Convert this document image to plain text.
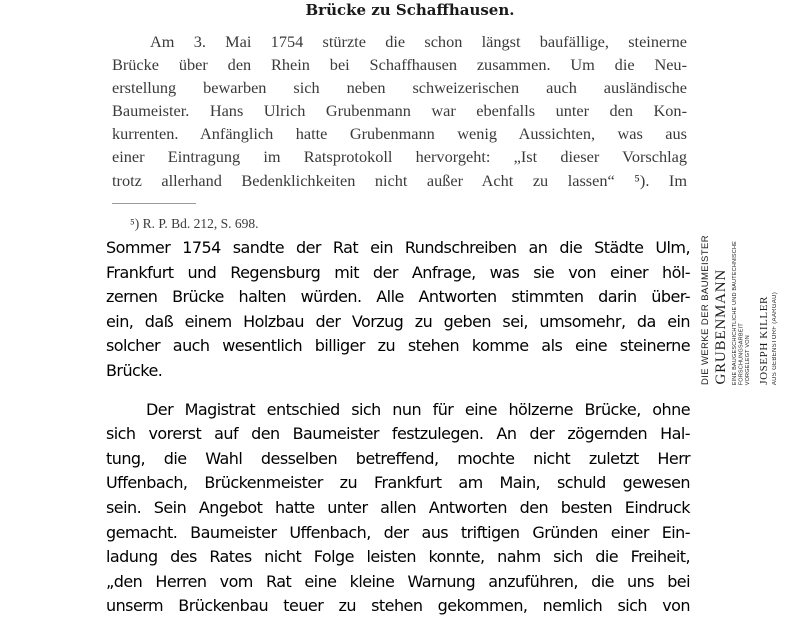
Brücke zu Schaffhausen.
Am 3. Mai 1754 stürzte die schon längst baufällige, steinerne
Brücke über den Rhein bei Schaffhausen zusammen. Um die Neu-
erstellung bewarben sich neben schweizerischen auch ausländische
Baumeister. Hans Ulrich Grubenmann war ebenfalls unter den Kon-
kurrenten. Anfänglich hatte Grubenmann wenig Aussichten, was aus
einer Eintragung im Ratsprotokoll hervorgeht: „Ist dieser Vorschlag
trotz allerhand Bedenklichkeiten nicht außer Acht zu lassen“ ⁵). Im
⁵) R. P. Bd. 212, S. 698.
Sommer 1754 sandte der Rat ein Rundschreiben an die Städte Ulm,
Frankfurt und Regensburg mit der Anfrage, was sie von einer höl-
zernen Brücke halten würden. Alle Antworten stimmten darin über-
ein, daß einem Holzbau der Vorzug zu geben sei, umsomehr, da ein
solcher auch wesentlich billiger zu stehen komme als eine steinerne
Brücke.
Der Magistrat entschied sich nun für eine hölzerne Brücke, ohne
sich vorerst auf den Baumeister festzulegen. An der zögernden Hal-
tung, die Wahl desselben betreffend, mochte nicht zuletzt Herr
Uffenbach, Brückenmeister zu Frankfurt am Main, schuld gewesen
sein. Sein Angebot hatte unter allen Antworten den besten Eindruck
gemacht. Baumeister Uffenbach, der aus triftigen Gründen einer Ein-
ladung des Rates nicht Folge leisten konnte, nahm sich die Freiheit,
„den Herren vom Rat eine kleine Warnung anzuführen, die uns bei
unserm Brückenbau teuer zu stehen gekommen, nemlich sich von
DIE WERKE DER BAUMEISTER GRUBENMANN EINE BAUGESCHICHTLICHE UND BAUTECHNISCHE FORSCHUNGSARBEIT VORGELEGT VON JOSEPH KILLER AUS GEBENSTORF (AARGAU)
